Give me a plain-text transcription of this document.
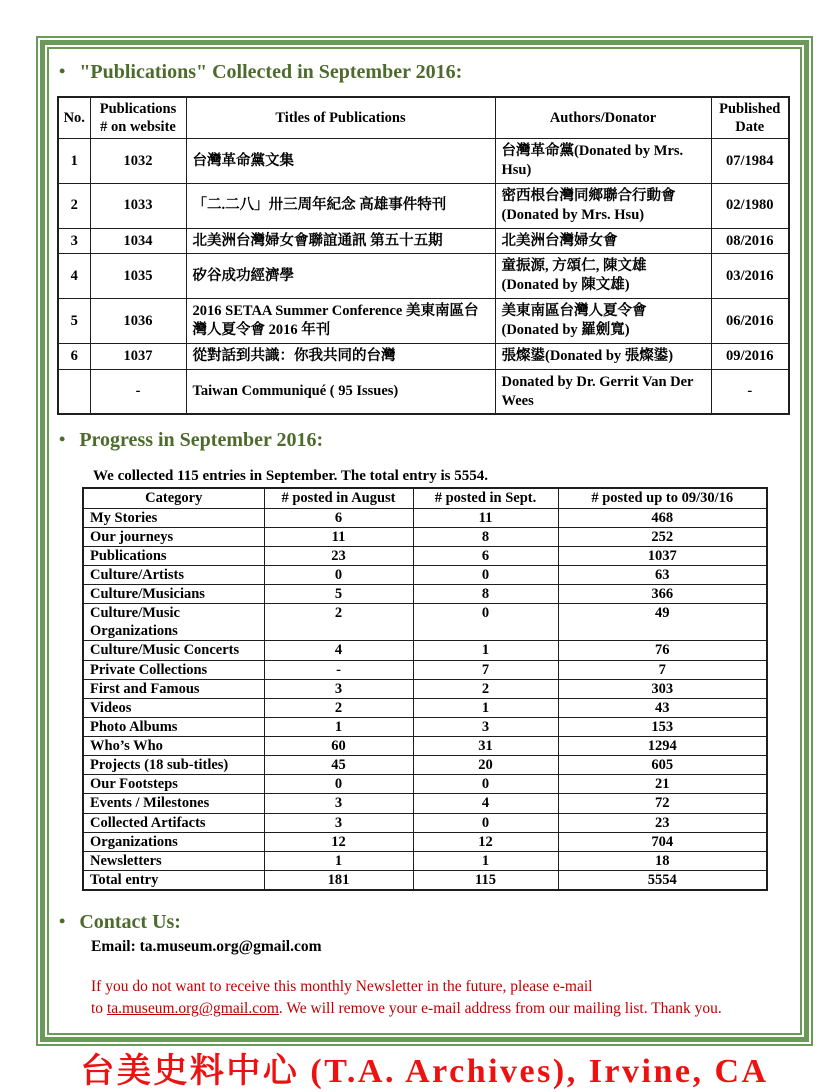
• "Publications" Collected in September 2016:
No.	Publications # on website	Titles of Publications	Authors/Donator	Published Date
1	1032	台灣革命黨文集	台灣革命黨(Donated by Mrs. Hsu)	07/1984
2	1033	「二.二八」卅三周年紀念 高雄事件特刊	密西根台灣同鄉聯合行動會 (Donated by Mrs. Hsu)	02/1980
3	1034	北美洲台灣婦女會聯誼通訊 第五十五期	北美洲台灣婦女會	08/2016
4	1035	矽谷成功經濟學	童振源, 方頌仁, 陳文雄 (Donated by 陳文雄)	03/2016
5	1036	2016 SETAA Summer Conference 美東南區台灣人夏令會 2016 年刊	美東南區台灣人夏令會 (Donated by 羅劍寬)	06/2016
6	1037	從對話到共識：你我共同的台灣	張燦鍙(Donated by 張燦鍙)	09/2016
	-	Taiwan Communiqué ( 95 Issues)	Donated by Dr. Gerrit Van Der Wees	-
• Progress in September 2016:
We collected 115 entries in September. The total entry is 5554.
Category	# posted in August	# posted in Sept.	# posted up to 09/30/16
My Stories	6	11	468
Our journeys	11	8	252
Publications	23	6	1037
Culture/Artists	0	0	63
Culture/Musicians	5	8	366
Culture/Music Organizations	2	0	49
Culture/Music Concerts	4	1	76
Private Collections	-	7	7
First and Famous	3	2	303
Videos	2	1	43
Photo Albums	1	3	153
Who’s Who	60	31	1294
Projects (18 sub-titles)	45	20	605
Our Footsteps	0	0	21
Events / Milestones	3	4	72
Collected Artifacts	3	0	23
Organizations	12	12	704
Newsletters	1	1	18
Total entry	181	115	5554
• Contact Us:
Email: ta.museum.org@gmail.com
If you do not want to receive this monthly Newsletter in the future, please e-mail
to ta.museum.org@gmail.com. We will remove your e-mail address from our mailing list. Thank you.
台美史料中心 (T.A. Archives), Irvine, CA
